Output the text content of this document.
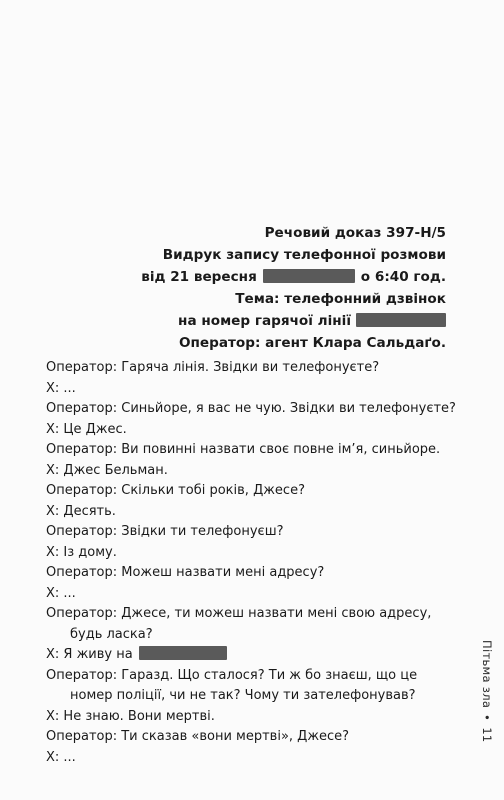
Речовий доказ 397-Н/5
Видрук запису телефонної розмови
від 21 вересня	о 6:40 год.
Тема: телефонний дзвінок
на номер гарячої лінії
Оператор: агент Клара Сальдаґо.
Оператор: Гаряча лінія. Звідки ви телефонуєте?
Х: ...
Оператор: Синьйоре, я вас не чую. Звідки ви телефонуєте?
Х: Це Джес.
Оператор: Ви повинні назвати своє повне ім’я, синьйоре.
Х: Джес Бельман.
Оператор: Скільки тобі років, Джесе?
Х: Десять.
Оператор: Звідки ти телефонуєш?
Х: Із дому.
Оператор: Можеш назвати мені адресу?
Х: ...
Оператор: Джесе, ти можеш назвати мені свою адресу, будь ласка?
Х: Я живу на
Оператор: Гаразд. Що сталося? Ти ж бо знаєш, що це номер поліції, чи не так? Чому ти зателефонував?
Х: Не знаю. Вони мертві.
Оператор: Ти сказав «вони мертві», Джесе?
Х: ...
Пітьма зла•11
